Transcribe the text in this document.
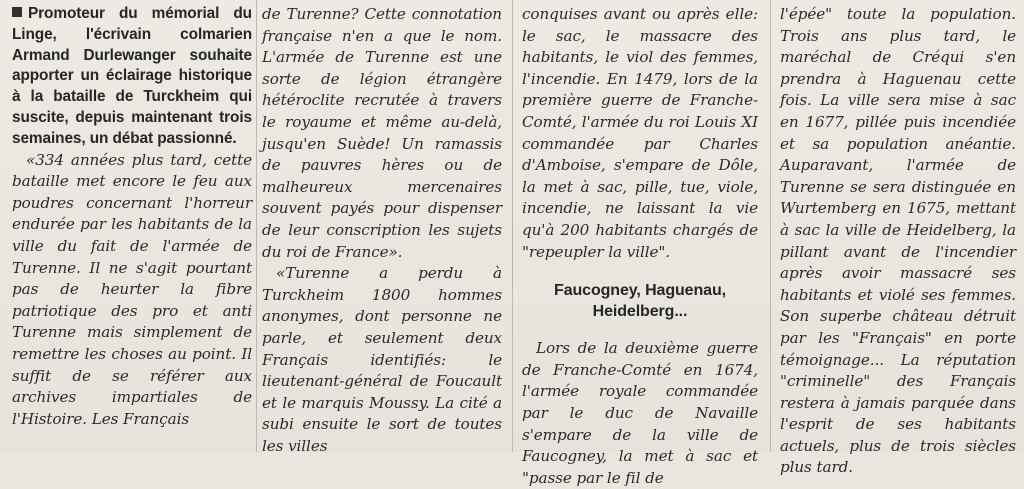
Promoteur du mémorial du Linge, l'écrivain colmarien Armand Durlewanger souhaite apporter un éclairage historique à la bataille de Turckheim qui suscite, depuis maintenant trois semaines, un débat passionné.

«334 années plus tard, cette bataille met encore le feu aux poudres concernant l'horreur endurée par les habitants de la ville du fait de l'armée de Turenne. Il ne s'agit pourtant pas de heurter la fibre patriotique des pro et anti Turenne mais simplement de remettre les choses au point. Il suffit de se référer aux archives impartiales de l'Histoire. Les Français

de Turenne? Cette connotation française n'en a que le nom. L'armée de Turenne est une sorte de légion étrangère hétéroclite recrutée à travers le royaume et même au-delà, jusqu'en Suède! Un ramassis de pauvres hères ou de malheureux mercenaires souvent payés pour dispenser de leur conscription les sujets du roi de France».

«Turenne a perdu à Turckheim 1800 hommes anonymes, dont personne ne parle, et seulement deux Français identifiés: le lieutenant-général de Foucault et le marquis Moussy. La cité a subi ensuite le sort de toutes les villes

conquises avant ou après elle: le sac, le massacre des habitants, le viol des femmes, l'incendie. En 1479, lors de la première guerre de Franche-Comté, l'armée du roi Louis XI commandée par Charles d'Amboise, s'empare de Dôle, la met à sac, pille, tue, viole, incendie, ne laissant la vie qu'à 200 habitants chargés de "repeupler la ville".

Faucogney, Haguenau, Heidelberg...

Lors de la deuxième guerre de Franche-Comté en 1674, l'armée royale commandée par le duc de Navaille s'empare de la ville de Faucogney, la met à sac et "passe par le fil de

l'épée" toute la population. Trois ans plus tard, le maréchal de Créqui s'en prendra à Haguenau cette fois. La ville sera mise à sac en 1677, pillée puis incendiée et sa population anéantie. Auparavant, l'armée de Turenne se sera distinguée en Wurtemberg en 1675, mettant à sac la ville de Heidelberg, la pillant avant de l'incendier après avoir massacré ses habitants et violé ses femmes. Son superbe château détruit par les "Français" en porte témoignage... La réputation "criminelle" des Français restera à jamais parquée dans l'esprit de ses habitants actuels, plus de trois siècles plus tard.
